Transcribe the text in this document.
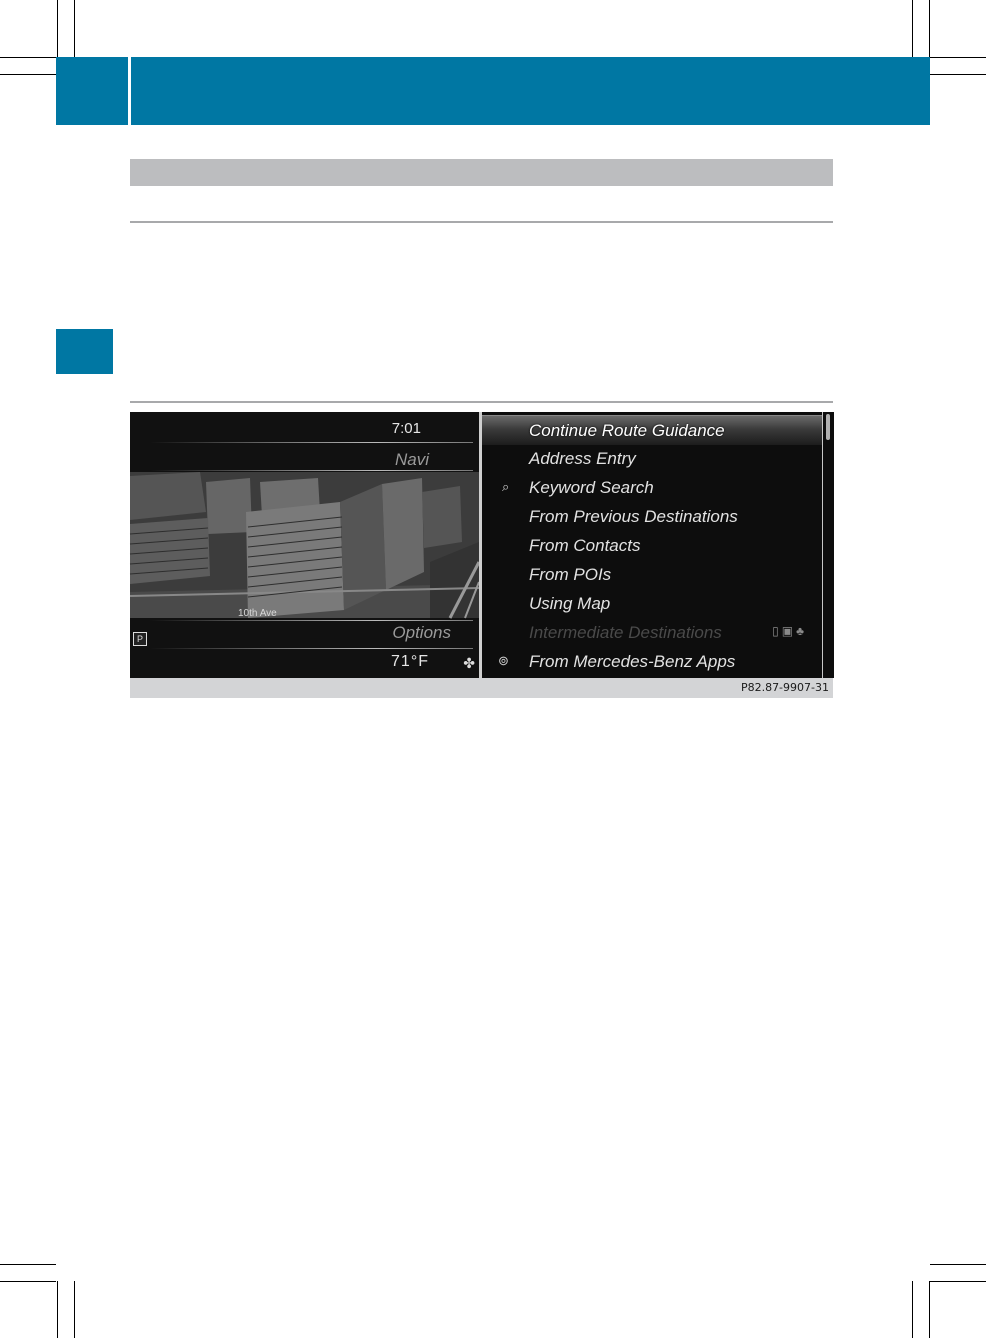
7:01
Navi
P
10th Ave
Options
71°F ✤
Continue Route Guidance
Address Entry
⌕ Keyword Search
From Previous Destinations
From Contacts
From POIs
Using Map
Intermediate Destinations	▯▣♣
⊚ From Mercedes-Benz Apps
P82.87-9907-31
